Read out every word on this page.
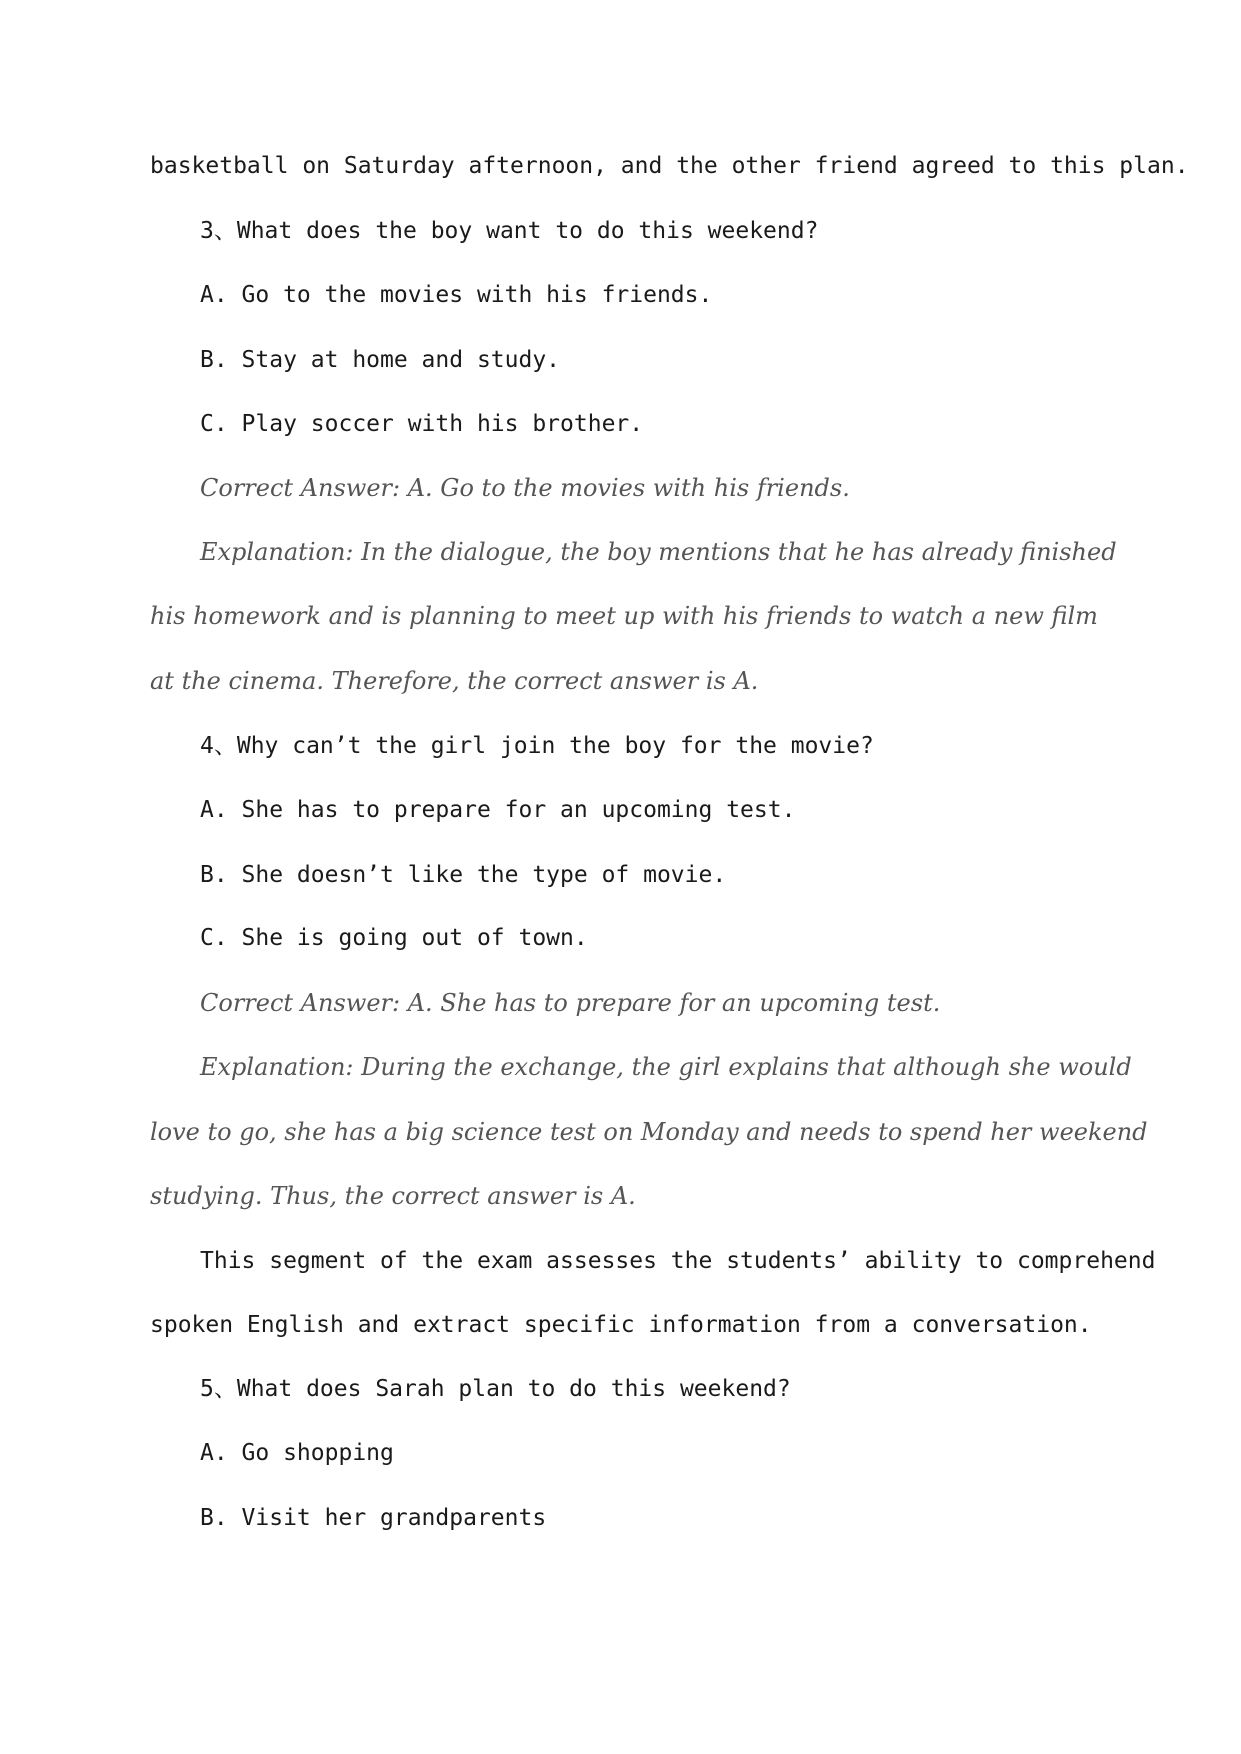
basketball on Saturday afternoon, and the other friend agreed to this plan.
3、What does the boy want to do this weekend?
A. Go to the movies with his friends.
B. Stay at home and study.
C. Play soccer with his brother.
Correct Answer: A. Go to the movies with his friends.
Explanation: In the dialogue, the boy mentions that he has already finished
his homework and is planning to meet up with his friends to watch a new film
at the cinema. Therefore, the correct answer is A.
4、Why can’t the girl join the boy for the movie?
A. She has to prepare for an upcoming test.
B. She doesn’t like the type of movie.
C. She is going out of town.
Correct Answer: A. She has to prepare for an upcoming test.
Explanation: During the exchange, the girl explains that although she would
love to go, she has a big science test on Monday and needs to spend her weekend
studying. Thus, the correct answer is A.
This segment of the exam assesses the students’ ability to comprehend
spoken English and extract specific information from a conversation.
5、What does Sarah plan to do this weekend?
A. Go shopping
B. Visit her grandparents
